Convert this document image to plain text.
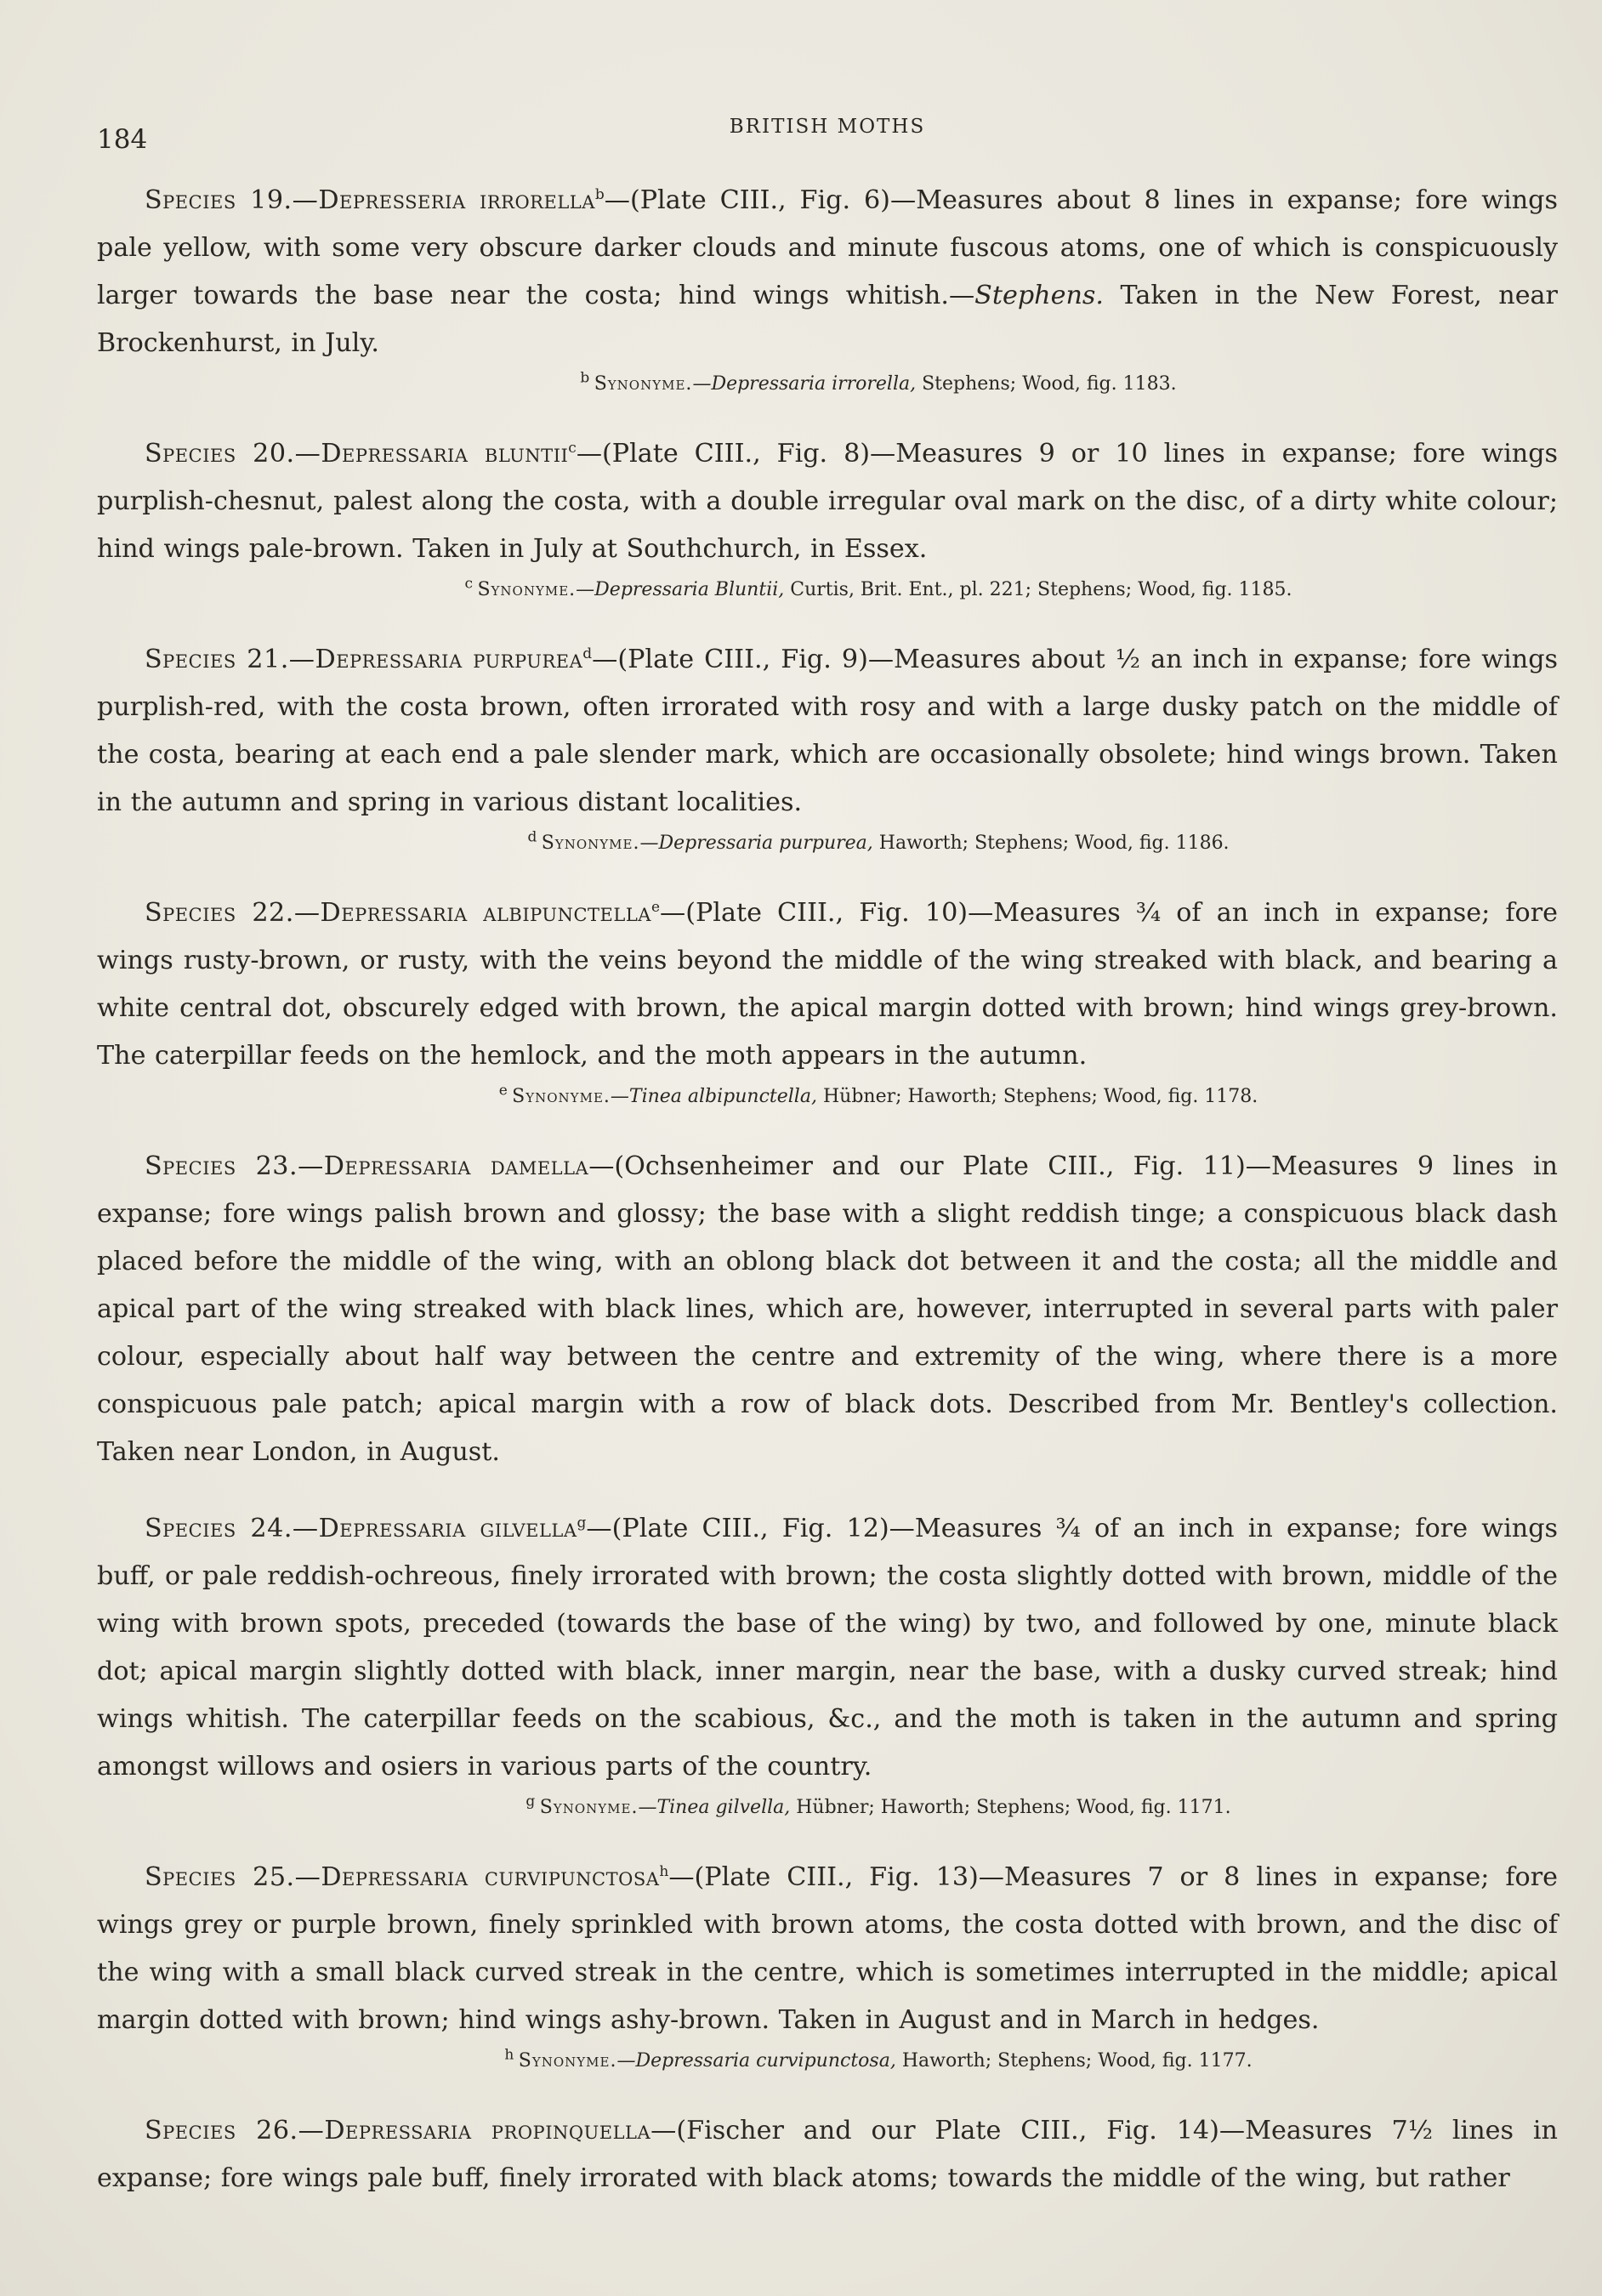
184	BRITISH MOTHS

Species 19.—Depresseria irrorella$^b$—(Plate CIII., Fig. 6)—Measures about 8 lines in expanse; fore wings pale yellow, with some very obscure darker clouds and minute fuscous atoms, one of which is conspicuously larger towards the base near the costa; hind wings whitish.—Stephens. Taken in the New Forest, near Brockenhurst, in July.

$^b$ Synonyme.—Depressaria irrorella, Stephens; Wood, fig. 1183.

Species 20.—Depressaria bluntii$^c$—(Plate CIII., Fig. 8)—Measures 9 or 10 lines in expanse; fore wings purplish-chesnut, palest along the costa, with a double irregular oval mark on the disc, of a dirty white colour; hind wings pale-brown. Taken in July at Southchurch, in Essex.

$^c$ Synonyme.—Depressaria Bluntii, Curtis, Brit. Ent., pl. 221; Stephens; Wood, fig. 1185.

Species 21.—Depressaria purpurea$^d$—(Plate CIII., Fig. 9)—Measures about ½ an inch in expanse; fore wings purplish-red, with the costa brown, often irrorated with rosy and with a large dusky patch on the middle of the costa, bearing at each end a pale slender mark, which are occasionally obsolete; hind wings brown. Taken in the autumn and spring in various distant localities.

$^d$ Synonyme.—Depressaria purpurea, Haworth; Stephens; Wood, fig. 1186.

Species 22.—Depressaria albipunctella$^e$—(Plate CIII., Fig. 10)—Measures ¾ of an inch in expanse; fore wings rusty-brown, or rusty, with the veins beyond the middle of the wing streaked with black, and bearing a white central dot, obscurely edged with brown, the apical margin dotted with brown; hind wings grey-brown. The caterpillar feeds on the hemlock, and the moth appears in the autumn.

$^e$ Synonyme.—Tinea albipunctella, Hübner; Haworth; Stephens; Wood, fig. 1178.

Species 23.—Depressaria damella—(Ochsenheimer and our Plate CIII., Fig. 11)—Measures 9 lines in expanse; fore wings palish brown and glossy; the base with a slight reddish tinge; a conspicuous black dash placed before the middle of the wing, with an oblong black dot between it and the costa; all the middle and apical part of the wing streaked with black lines, which are, however, interrupted in several parts with paler colour, especially about half way between the centre and extremity of the wing, where there is a more conspicuous pale patch; apical margin with a row of black dots. Described from Mr. Bentley's collection. Taken near London, in August.

Species 24.—Depressaria gilvella$^g$—(Plate CIII., Fig. 12)—Measures ¾ of an inch in expanse; fore wings buff, or pale reddish-ochreous, finely irrorated with brown; the costa slightly dotted with brown, middle of the wing with brown spots, preceded (towards the base of the wing) by two, and followed by one, minute black dot; apical margin slightly dotted with black, inner margin, near the base, with a dusky curved streak; hind wings whitish. The caterpillar feeds on the scabious, &c., and the moth is taken in the autumn and spring amongst willows and osiers in various parts of the country.

$^g$ Synonyme.—Tinea gilvella, Hübner; Haworth; Stephens; Wood, fig. 1171.

Species 25.—Depressaria curvipunctosa$^h$—(Plate CIII., Fig. 13)—Measures 7 or 8 lines in expanse; fore wings grey or purple brown, finely sprinkled with brown atoms, the costa dotted with brown, and the disc of the wing with a small black curved streak in the centre, which is sometimes interrupted in the middle; apical margin dotted with brown; hind wings ashy-brown. Taken in August and in March in hedges.

$^h$ Synonyme.—Depressaria curvipunctosa, Haworth; Stephens; Wood, fig. 1177.

Species 26.—Depressaria propinquella—(Fischer and our Plate CIII., Fig. 14)—Measures 7½ lines in expanse; fore wings pale buff, finely irrorated with black atoms; towards the middle of the wing, but rather
